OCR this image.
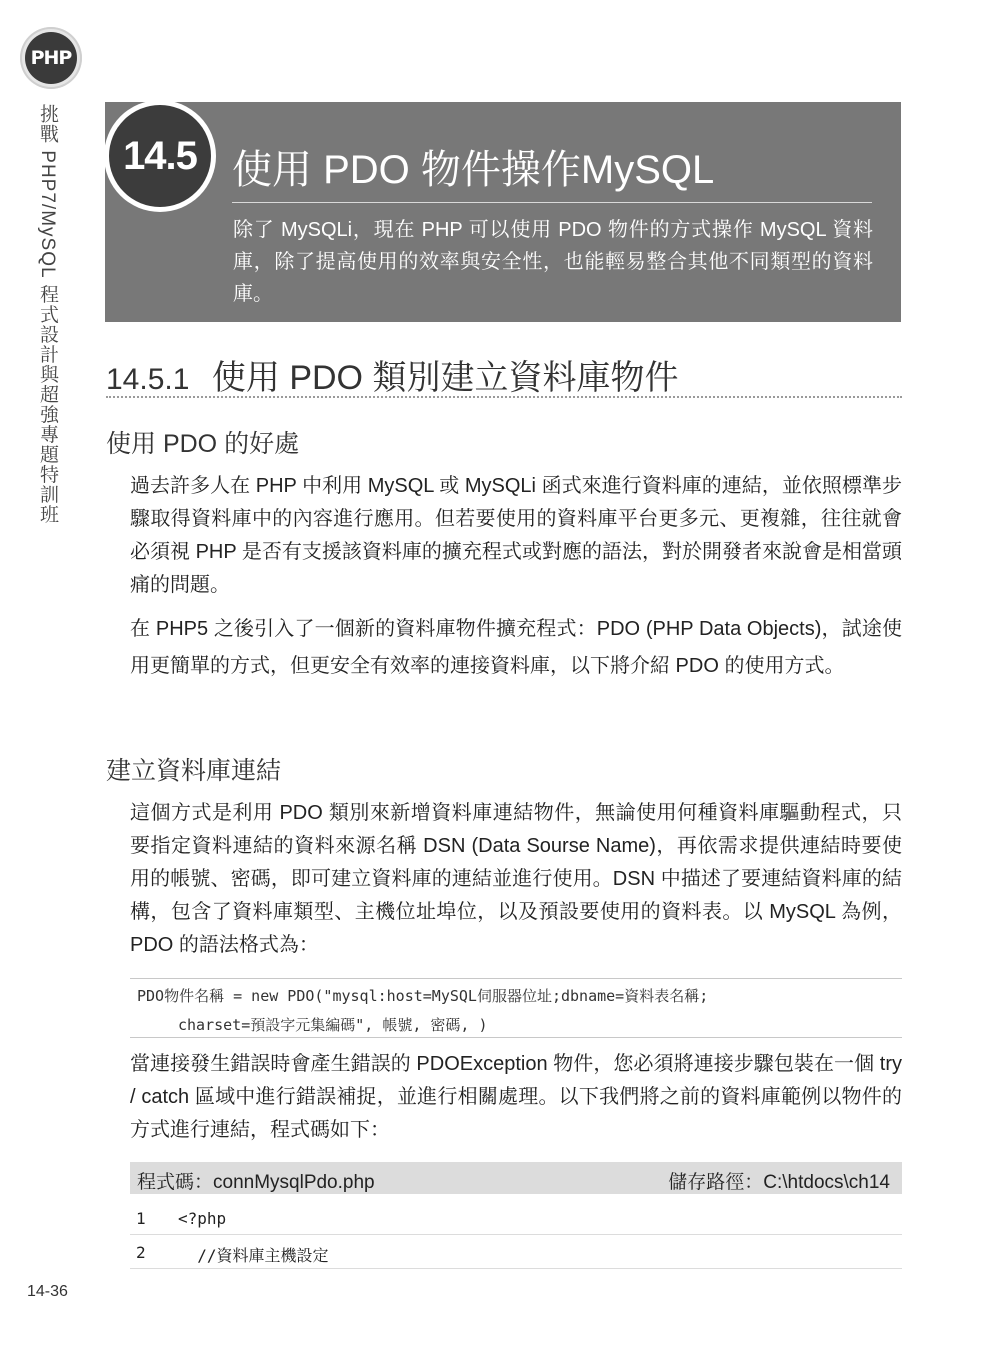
PHP
挑戰 PHP7/MySQL 程式設計與超強專題特訓班	14.5 使用 PDO 物件操作MySQL
除了 MySQLi，現在 PHP 可以使用 PDO 物件的方式操作 MySQL 資料庫，除了提高使用的效率與安全性，也能輕易整合其他不同類型的資料庫。
14.5.1 使用 PDO 類別建立資料庫物件
使用 PDO 的好處
過去許多人在 PHP 中利用 MySQL 或 MySQLi 函式來進行資料庫的連結，並依照標準步驟取得資料庫中的內容進行應用。但若要使用的資料庫平台更多元、更複雜，往往就會必須視 PHP 是否有支援該資料庫的擴充程式或對應的語法，對於開發者來說會是相當頭痛的問題。
在 PHP5 之後引入了一個新的資料庫物件擴充程式：PDO (PHP Data Objects)，試途使用更簡單的方式，但更安全有效率的連接資料庫，以下將介紹 PDO 的使用方式。
建立資料庫連結
這個方式是利用 PDO 類別來新增資料庫連結物件，無論使用何種資料庫驅動程式，只要指定資料連結的資料來源名稱 DSN (Data Sourse Name)，再依需求提供連結時要使用的帳號、密碼，即可建立資料庫的連結並進行使用。DSN 中描述了要連結資料庫的結構，包含了資料庫類型、主機位址埠位，以及預設要使用的資料表。以 MySQL 為例，PDO 的語法格式為：
PDO物件名稱 = new PDO("mysql:host=MySQL伺服器位址;dbname=資料表名稱;
charset=預設字元集編碼", 帳號, 密碼, )
當連接發生錯誤時會產生錯誤的 PDOException 物件，您必須將連接步驟包裝在一個 try / catch 區域中進行錯誤補捉，並進行相關處理。以下我們將之前的資料庫範例以物件的方式進行連結，程式碼如下：
程式碼：connMysqlPdo.php	儲存路徑：C:\htdocs\ch14
1 <?php
2 //資料庫主機設定
14-36
